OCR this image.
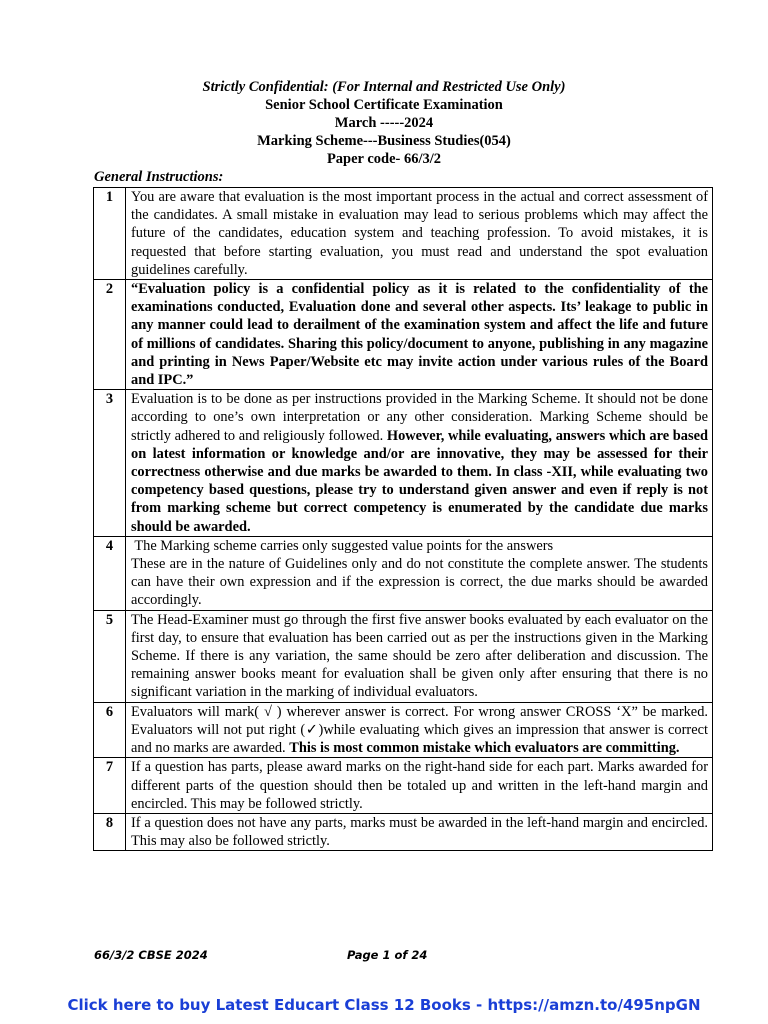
Strictly Confidential: (For Internal and Restricted Use Only)
Senior School Certificate Examination
March -----2024
Marking Scheme---Business Studies(054)
Paper code- 66/3/2
General Instructions:
1	You are aware that evaluation is the most important process in the actual and correct assessment of the candidates. A small mistake in evaluation may lead to serious problems which may affect the future of the candidates, education system and teaching profession. To avoid mistakes, it is requested that before starting evaluation, you must read and understand the spot evaluation guidelines carefully.
2	“Evaluation policy is a confidential policy as it is related to the confidentiality of the examinations conducted, Evaluation done and several other aspects. Its’ leakage to public in any manner could lead to derailment of the examination system and affect the life and future of millions of candidates. Sharing this policy/document to anyone, publishing in any magazine and printing in News Paper/Website etc may invite action under various rules of the Board and IPC.”
3	Evaluation is to be done as per instructions provided in the Marking Scheme. It should not be done according to one’s own interpretation or any other consideration. Marking Scheme should be strictly adhered to and religiously followed. However, while evaluating, answers which are based on latest information or knowledge and/or are innovative, they may be assessed for their correctness otherwise and due marks be awarded to them. In class -XII, while evaluating two competency based questions, please try to understand given answer and even if reply is not from marking scheme but correct competency is enumerated by the candidate due marks should be awarded.
4	The Marking scheme carries only suggested value points for the answers
These are in the nature of Guidelines only and do not constitute the complete answer. The students can have their own expression and if the expression is correct, the due marks should be awarded accordingly.
5	The Head-Examiner must go through the first five answer books evaluated by each evaluator on the first day, to ensure that evaluation has been carried out as per the instructions given in the Marking Scheme. If there is any variation, the same should be zero after deliberation and discussion. The remaining answer books meant for evaluation shall be given only after ensuring that there is no significant variation in the marking of individual evaluators.
6	Evaluators will mark( √ ) wherever answer is correct. For wrong answer CROSS ‘X” be marked. Evaluators will not put right (✓)while evaluating which gives an impression that answer is correct and no marks are awarded. This is most common mistake which evaluators are committing.
7	If a question has parts, please award marks on the right-hand side for each part. Marks awarded for different parts of the question should then be totaled up and written in the left-hand margin and encircled. This may be followed strictly.
8	If a question does not have any parts, marks must be awarded in the left-hand margin and encircled. This may also be followed strictly.
66/3/2 CBSE 2024	Page 1 of 24
Click here to buy Latest Educart Class 12 Books - https://amzn.to/495npGN
